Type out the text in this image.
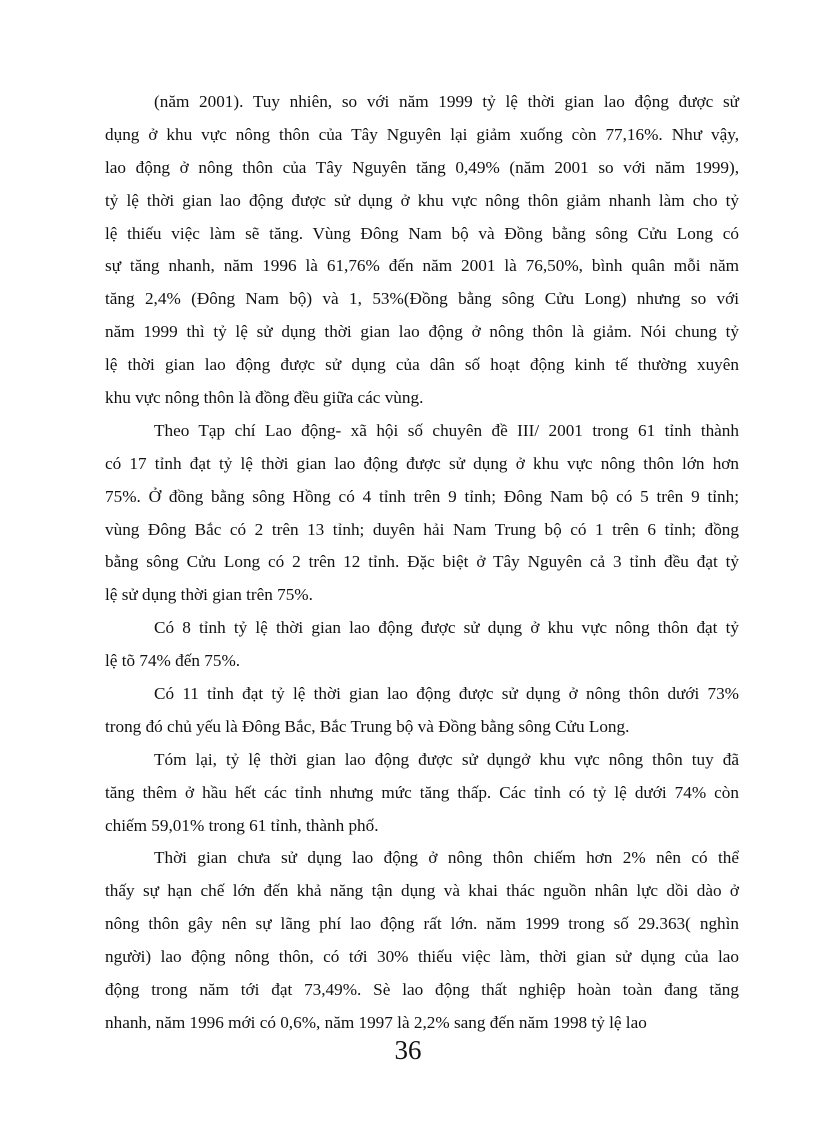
(năm 2001). Tuy nhiên, so với năm 1999 tỷ lệ thời gian lao động được sử
dụng ở khu vực nông thôn của Tây Nguyên lại giảm xuống còn 77,16%. Như vậy,
lao động ở nông thôn của Tây Nguyên tăng 0,49% (năm 2001 so với năm 1999),
tỷ lệ thời gian lao động được sử dụng ở khu vực nông thôn giảm nhanh làm cho tỷ
lệ thiếu việc làm sẽ tăng. Vùng Đông Nam bộ và Đồng bằng sông Cửu Long có
sự tăng nhanh, năm 1996 là 61,76% đến năm 2001 là 76,50%, bình quân mỗi năm
tăng 2,4% (Đông Nam bộ) và 1, 53%(Đồng bằng sông Cửu Long) nhưng so với
năm 1999 thì tỷ lệ sử dụng thời gian lao động ở nông thôn là giảm. Nói chung tỷ
lệ thời gian lao động được sử dụng của dân số hoạt động kinh tế thường xuyên
khu vực nông thôn là đồng đều giữa các vùng.
Theo Tạp chí Lao động- xã hội số chuyên đề III/ 2001 trong 61 tỉnh thành
có 17 tỉnh đạt tỷ lệ thời gian lao động được sử dụng ở khu vực nông thôn lớn hơn
75%. Ở đồng bằng sông Hồng có 4 tỉnh trên 9 tỉnh; Đông Nam bộ có 5 trên 9 tỉnh;
vùng Đông Bắc có 2 trên 13 tỉnh; duyên hải Nam Trung bộ có 1 trên 6 tỉnh; đồng
bằng sông Cửu Long có 2 trên 12 tỉnh. Đặc biệt ở Tây Nguyên cả 3 tỉnh đều đạt tỷ
lệ sử dụng thời gian trên 75%.
Có 8 tỉnh tỷ lệ thời gian lao động được sử dụng ở khu vực nông thôn đạt tỷ
lệ tõ 74% đến 75%.
Có 11 tỉnh đạt tỷ lệ thời gian lao động được sử dụng ở nông thôn dưới 73%
trong đó chủ yếu là Đông Bắc, Bắc Trung bộ và Đồng bằng sông Cửu Long.
Tóm lại, tỷ lệ thời gian lao động được sử dụngở khu vực nông thôn tuy đã
tăng thêm ở hầu hết các tỉnh nhưng mức tăng thấp. Các tỉnh có tỷ lệ dưới 74% còn
chiếm 59,01% trong 61 tỉnh, thành phố.
Thời gian chưa sử dụng lao động ở nông thôn chiếm hơn 2% nên có thể
thấy sự hạn chế lớn đến khả năng tận dụng và khai thác nguồn nhân lực dồi dào ở
nông thôn gây nên sự lãng phí lao động rất lớn. năm 1999 trong số 29.363( nghìn
người) lao động nông thôn, có tới 30% thiếu việc làm, thời gian sử dụng của lao
động trong năm tới đạt 73,49%. Sè lao động thất nghiệp hoàn toàn đang tăng
nhanh, năm 1996 mới có 0,6%, năm 1997 là 2,2% sang đến năm 1998 tỷ lệ lao
36
